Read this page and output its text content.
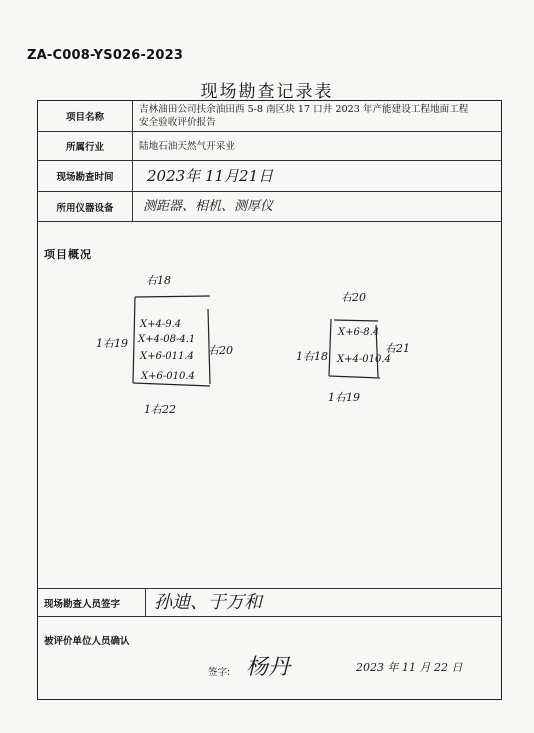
ZA-C008-YS026-2023
现场勘查记录表
项目名称
吉林油田公司扶余油田西 5-8 南区块 17 口井 2023 年产能建设工程地面工程
安全验收评价报告
所属行业	陆地石油天然气开采业
现场勘查时间	2023年 11月21日
所用仪器设备	测距器、相机、测厚仪
项目概况
右18
1右19
右20
1右22
X+4-9.4
X+4-08-4.1
X+6-011.4
X+6-010.4
右20
1右18
右21
1右19
X+6-8.4
X+4-010.4
现场勘查人员签字	孙迪、于万和
被评价单位人员确认
签字: 杨丹	2023 年 11 月 22 日
